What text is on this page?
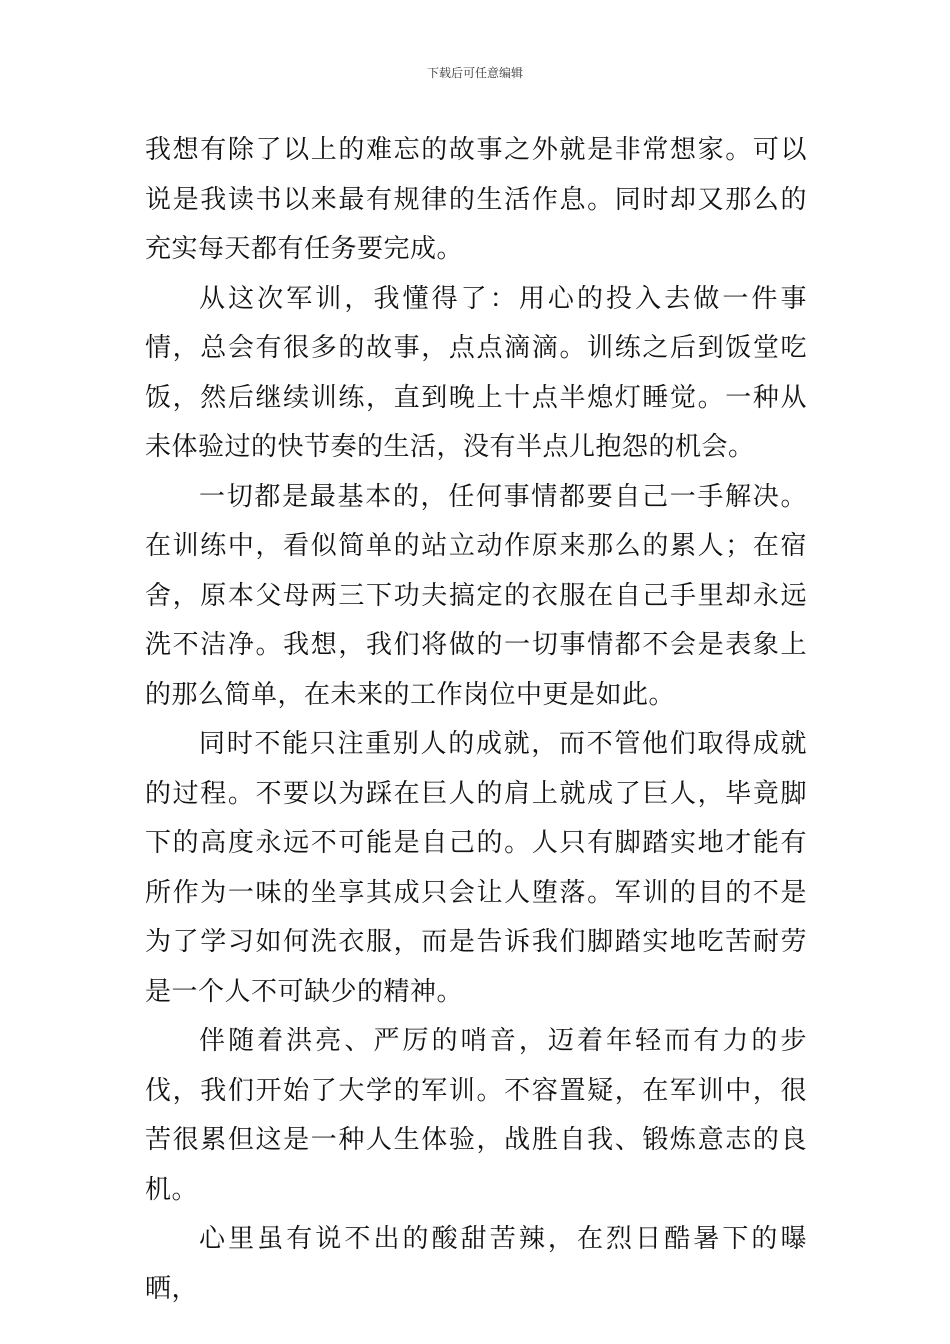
下载后可任意编辑

我想有除了以上的难忘的故事之外就是非常想家。可以说是我读书以来最有规律的生活作息。同时却又那么的充实每天都有任务要完成。

从这次军训，我懂得了：用心的投入去做一件事情，总会有很多的故事，点点滴滴。训练之后到饭堂吃饭，然后继续训练，直到晚上十点半熄灯睡觉。一种从未体验过的快节奏的生活，没有半点儿抱怨的机会。

一切都是最基本的，任何事情都要自己一手解决。在训练中，看似简单的站立动作原来那么的累人；在宿舍，原本父母两三下功夫搞定的衣服在自己手里却永远洗不洁净。我想，我们将做的一切事情都不会是表象上的那么简单，在未来的工作岗位中更是如此。

同时不能只注重别人的成就，而不管他们取得成就的过程。不要以为踩在巨人的肩上就成了巨人，毕竟脚下的高度永远不可能是自己的。人只有脚踏实地才能有所作为一味的坐享其成只会让人堕落。军训的目的不是为了学习如何洗衣服，而是告诉我们脚踏实地吃苦耐劳是一个人不可缺少的精神。

伴随着洪亮、严厉的哨音，迈着年轻而有力的步伐，我们开始了大学的军训。不容置疑，在军训中，很苦很累但这是一种人生体验，战胜自我、锻炼意志的良机。

心里虽有说不出的酸甜苦辣，在烈日酷暑下的曝晒，
